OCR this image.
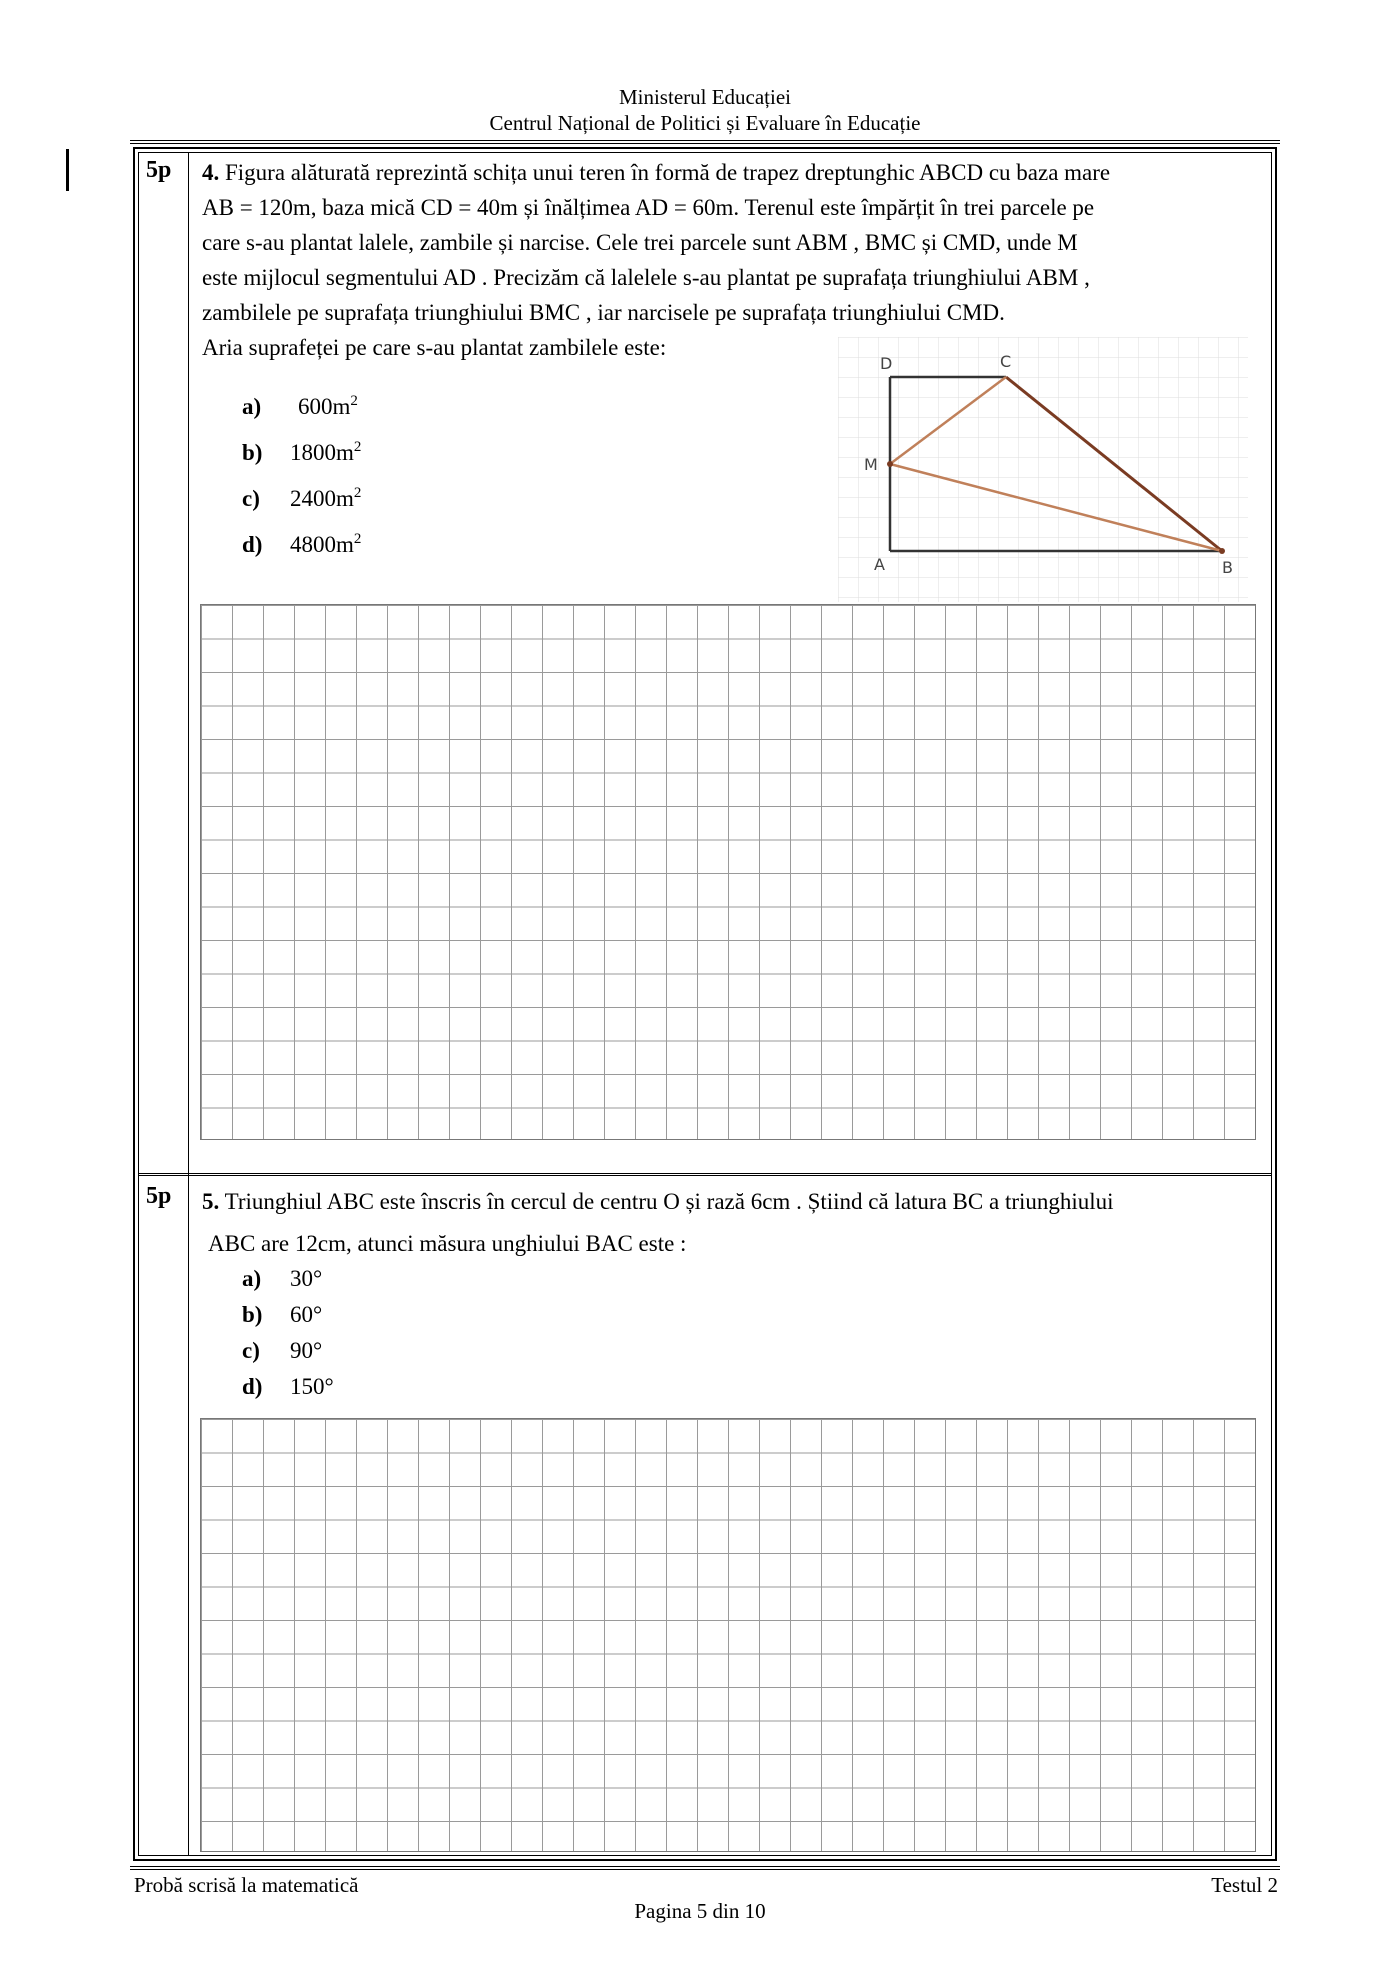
Ministerul Educației
Centrul Național de Politici și Evaluare în Educație
5p 4. Figura alăturată reprezintă schița unui teren în formă de trapez dreptunghic ABCD cu baza mare
AB = 120m, baza mică CD = 40m și înălțimea AD = 60m. Terenul este împărțit în trei parcele pe
care s-au plantat lalele, zambile și narcise. Cele trei parcele sunt ABM , BMC și CMD, unde M
este mijlocul segmentului AD . Precizăm că lalelele s-au plantat pe suprafața triunghiului ABM ,
zambilele pe suprafața triunghiului BMC , iar narcisele pe suprafața triunghiului CMD.
Aria suprafeței pe care s-au plantat zambilele este:
a) $600m^2$
b) $1800m^2$
c) $2400m^2$
d) $4800m^2$
D	C
M
A	B
5p 5. Triunghiul ABC este înscris în cercul de centru O și rază 6cm . Știind că latura BC a triunghiului
ABC are 12cm, atunci măsura unghiului BAC este :
a) 30°
b) 60°
c) 90°
d) 150°
Probă scrisă la matematică	Testul 2
Pagina 5 din 10
